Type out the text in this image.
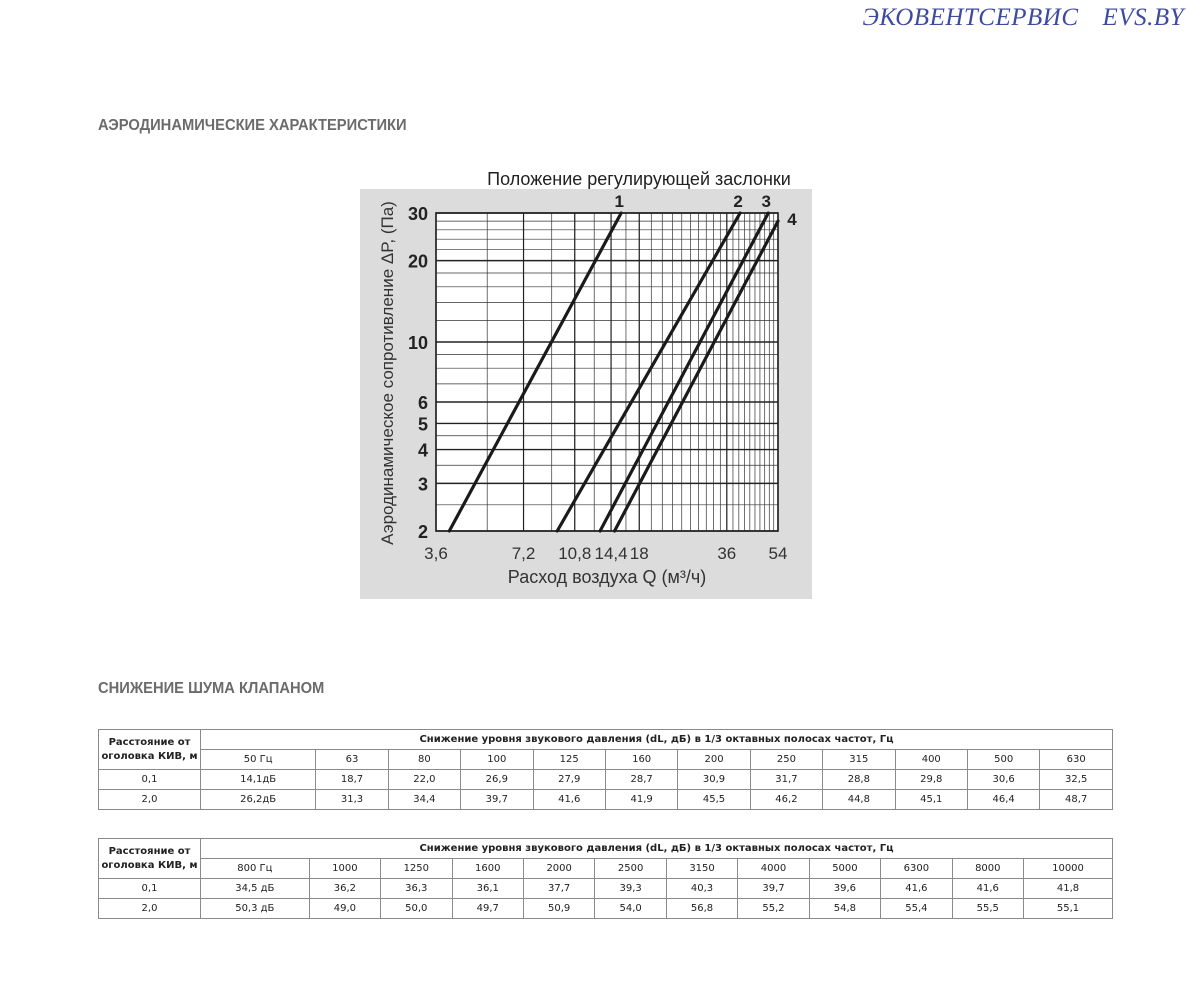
ЭКОВЕНТСЕРВИС EVS.BY
АЭРОДИНАМИЧЕСКИЕ ХАРАКТЕРИСТИКИ
3,6	7,2 10,8 14,4 18	36 54
2
3
4
5
6
10
20
30
1	2 3
4
Положение регулирующей заслонки
Расход воздуха Q (м³/ч)
Аэродинамическое сопротивление ΔP, (Па)
СНИЖЕНИЕ ШУМА КЛАПАНОМ
Расстояние от оголовка КИВ, м	Снижение уровня звукового давления (dL, дБ) в 1/3 октавных полосах частот, Гц											
	50 Гц	63	80	100	125	160	200	250	315	400	500	630
0,1	14,1дБ	18,7	22,0	26,9	27,9	28,7	30,9	31,7	28,8	29,8	30,6	32,5
2,0	26,2дБ	31,3	34,4	39,7	41,6	41,9	45,5	46,2	44,8	45,1	46,4	48,7
Расстояние от оголовка КИВ, м	Снижение уровня звукового давления (dL, дБ) в 1/3 октавных полосах частот, Гц											
	800 Гц	1000	1250	1600	2000	2500	3150	4000	5000	6300	8000	10000
0,1	34,5 дБ	36,2	36,3	36,1	37,7	39,3	40,3	39,7	39,6	41,6	41,6	41,8
2,0	50,3 дБ	49,0	50,0	49,7	50,9	54,0	56,8	55,2	54,8	55,4	55,5	55,1
